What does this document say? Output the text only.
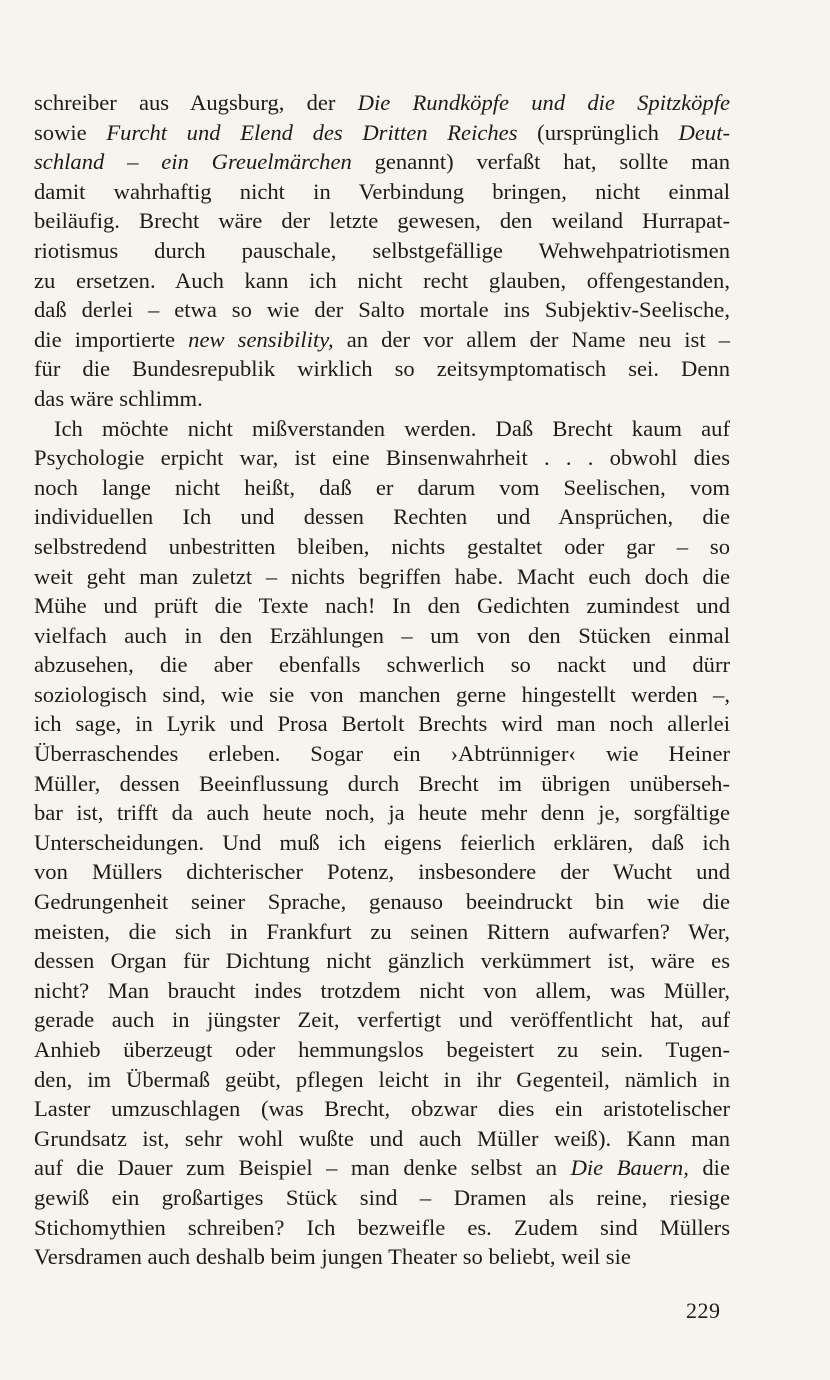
schreiber aus Augsburg, der Die Rundköpfe und die Spitzköpfe
sowie Furcht und Elend des Dritten Reiches (ursprünglich Deut-
schland – ein Greuelmärchen genannt) verfaßt hat, sollte man
damit wahrhaftig nicht in Verbindung bringen, nicht einmal
beiläufig. Brecht wäre der letzte gewesen, den weiland Hurrapat-
riotismus durch pauschale, selbstgefällige Wehwehpatriotismen
zu ersetzen. Auch kann ich nicht recht glauben, offengestanden,
daß derlei – etwa so wie der Salto mortale ins Subjektiv-Seelische,
die importierte new sensibility, an der vor allem der Name neu ist –
für die Bundesrepublik wirklich so zeitsymptomatisch sei. Denn
das wäre schlimm.
Ich möchte nicht mißverstanden werden. Daß Brecht kaum auf
Psychologie erpicht war, ist eine Binsenwahrheit . . . obwohl dies
noch lange nicht heißt, daß er darum vom Seelischen, vom
individuellen Ich und dessen Rechten und Ansprüchen, die
selbstredend unbestritten bleiben, nichts gestaltet oder gar – so
weit geht man zuletzt – nichts begriffen habe. Macht euch doch die
Mühe und prüft die Texte nach! In den Gedichten zumindest und
vielfach auch in den Erzählungen – um von den Stücken einmal
abzusehen, die aber ebenfalls schwerlich so nackt und dürr
soziologisch sind, wie sie von manchen gerne hingestellt werden –,
ich sage, in Lyrik und Prosa Bertolt Brechts wird man noch allerlei
Überraschendes erleben. Sogar ein ›Abtrünniger‹ wie Heiner
Müller, dessen Beeinflussung durch Brecht im übrigen unüberseh-
bar ist, trifft da auch heute noch, ja heute mehr denn je, sorgfältige
Unterscheidungen. Und muß ich eigens feierlich erklären, daß ich
von Müllers dichterischer Potenz, insbesondere der Wucht und
Gedrungenheit seiner Sprache, genauso beeindruckt bin wie die
meisten, die sich in Frankfurt zu seinen Rittern aufwarfen? Wer,
dessen Organ für Dichtung nicht gänzlich verkümmert ist, wäre es
nicht? Man braucht indes trotzdem nicht von allem, was Müller,
gerade auch in jüngster Zeit, verfertigt und veröffentlicht hat, auf
Anhieb überzeugt oder hemmungslos begeistert zu sein. Tugen-
den, im Übermaß geübt, pflegen leicht in ihr Gegenteil, nämlich in
Laster umzuschlagen (was Brecht, obzwar dies ein aristotelischer
Grundsatz ist, sehr wohl wußte und auch Müller weiß). Kann man
auf die Dauer zum Beispiel – man denke selbst an Die Bauern, die
gewiß ein großartiges Stück sind – Dramen als reine, riesige
Stichomythien schreiben? Ich bezweifle es. Zudem sind Müllers
Versdramen auch deshalb beim jungen Theater so beliebt, weil sie
229
